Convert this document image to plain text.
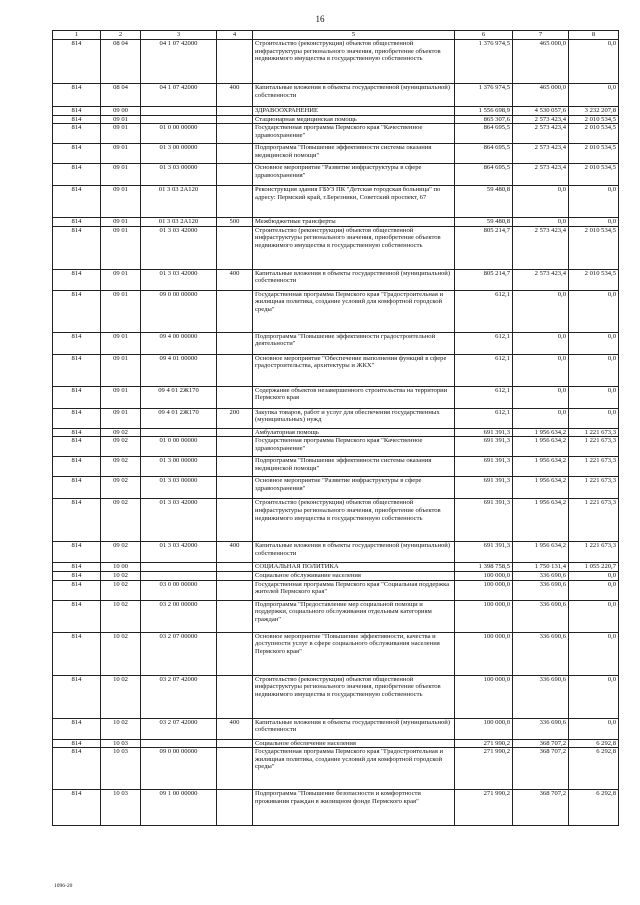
16
1	2	3	4	5	6	7	8
814	08 04	04 1 07 42000		Строительство (реконструкция) объектов общественной инфраструктуры регионального значения, приобретение объектов недвижимого имущества в государственную собственность	1 376 974,5	465 000,0	0,0
814	08 04	04 1 07 42000	400	Капитальные вложения в объекты государственной (муниципальной) собственности	1 376 974,5	465 000,0	0,0
814	09 00			ЗДРАВООХРАНЕНИЕ	1 556 698,9	4 530 057,6	3 232 207,8
814	09 01			Стационарная медицинская помощь	865 307,6	2 573 423,4	2 010 534,5
814	09 01	01 0 00 00000		Государственная программа Пермского края "Качественное здравоохранение"	864 695,5	2 573 423,4	2 010 534,5
814	09 01	01 3 00 00000		Подпрограмма "Повышение эффективности системы оказания медицинской помощи"	864 695,5	2 573 423,4	2 010 534,5
814	09 01	01 3 03 00000		Основное мероприятие "Развитие инфраструктуры в сфере здравоохранения"	864 695,5	2 573 423,4	2 010 534,5
814	09 01	01 3 03 2А120		Реконструкция здания ГБУЗ ПК "Детская городская больница" по адресу: Пермский край, г.Березники, Советский проспект, 67	59 480,8	0,0	0,0
814	09 01	01 3 03 2А120	500	Межбюджетные трансферты	59 480,8	0,0	0,0
814	09 01	01 3 03 42000		Строительство (реконструкция) объектов общественной инфраструктуры регионального значения, приобретение объектов недвижимого имущества в государственную собственность	805 214,7	2 573 423,4	2 010 534,5
814	09 01	01 3 03 42000	400	Капитальные вложения в объекты государственной (муниципальной) собственности	805 214,7	2 573 423,4	2 010 534,5
814	09 01	09 0 00 00000		Государственная программа Пермского края "Градостроительная и жилищная политика, создание условий для комфортной городской среды"	612,1	0,0	0,0
814	09 01	09 4 00 00000		Подпрограмма "Повышение эффективности градостроительной деятельности"	612,1	0,0	0,0
814	09 01	09 4 01 00000		Основное мероприятие "Обеспечение выполнения функций в сфере градостроительства, архитектуры и ЖКХ"	612,1	0,0	0,0
814	09 01	09 4 01 2Ж170		Содержание объектов незавершенного строительства на территории Пермского края	612,1	0,0	0,0
814	09 01	09 4 01 2Ж170	200	Закупка товаров, работ и услуг для обеспечения государственных (муниципальных) нужд	612,1	0,0	0,0
814	09 02			Амбулаторная помощь	691 391,3	1 956 634,2	1 221 673,3
814	09 02	01 0 00 00000		Государственная программа Пермского края "Качественное здравоохранение"	691 391,3	1 956 634,2	1 221 673,3
814	09 02	01 3 00 00000		Подпрограмма "Повышение эффективности системы оказания медицинской помощи"	691 391,3	1 956 634,2	1 221 673,3
814	09 02	01 3 03 00000		Основное мероприятие "Развитие инфраструктуры в сфере здравоохранения"	691 391,3	1 956 634,2	1 221 673,3
814	09 02	01 3 03 42000		Строительство (реконструкция) объектов общественной инфраструктуры регионального значения, приобретение объектов недвижимого имущества в государственную собственность	691 391,3	1 956 634,2	1 221 673,3
814	09 02	01 3 03 42000	400	Капитальные вложения в объекты государственной (муниципальной) собственности	691 391,3	1 956 634,2	1 221 673,3
814	10 00			СОЦИАЛЬНАЯ ПОЛИТИКА	1 398 758,5	1 750 131,4	1 055 220,7
814	10 02			Социальное обслуживание населения	100 000,0	336 690,6	0,0
814	10 02	03 0 00 00000		Государственная программа Пермского края "Социальная поддержка жителей Пермского края"	100 000,0	336 690,6	0,0
814	10 02	03 2 00 00000		Подпрограмма "Предоставление мер социальной помощи и поддержки, социального обслуживания отдельным категориям граждан"	100 000,0	336 690,6	0,0
814	10 02	03 2 07 00000		Основное мероприятие "Повышение эффективности, качества и доступности услуг в сфере социального обслуживания населения Пермского края"	100 000,0	336 690,6	0,0
814	10 02	03 2 07 42000		Строительство (реконструкция) объектов общественной инфраструктуры регионального значения, приобретение объектов недвижимого имущества в государственную собственность	100 000,0	336 690,6	0,0
814	10 02	03 2 07 42000	400	Капитальные вложения в объекты государственной (муниципальной) собственности	100 000,0	336 690,6	0,0
814	10 03			Социальное обеспечение населения	271 990,2	368 707,2	6 292,8
814	10 03	09 0 00 00000		Государственная программа Пермского края "Градостроительная и жилищная политика, создание условий для комфортной городской среды"	271 990,2	368 707,2	6 292,8
814	10 03	09 1 00 00000		Подпрограмма "Повышение безопасности и комфортности проживания граждан в жилищном фонде Пермского края"	271 990,2	368 707,2	6 292,8
1096-20
